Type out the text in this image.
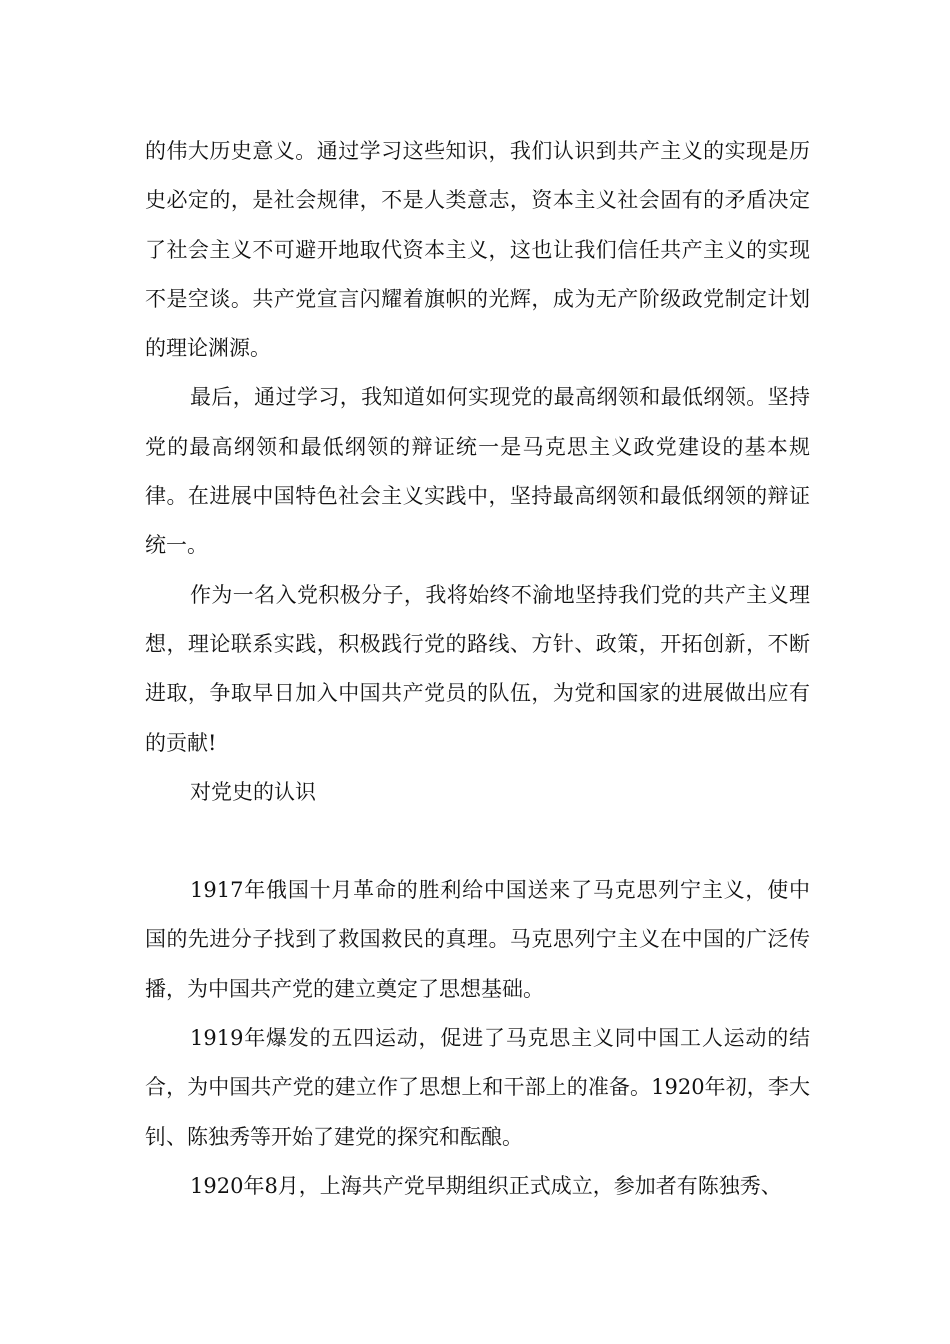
的伟大历史意义。通过学习这些知识，我们认识到共产主义的实现是历史必定的，是社会规律，不是人类意志，资本主义社会固有的矛盾决定了社会主义不可避开地取代资本主义，这也让我们信任共产主义的实现不是空谈。共产党宣言闪耀着旗帜的光辉，成为无产阶级政党制定计划的理论渊源。

最后，通过学习，我知道如何实现党的最高纲领和最低纲领。坚持党的最高纲领和最低纲领的辩证统一是马克思主义政党建设的基本规律。在进展中国特色社会主义实践中，坚持最高纲领和最低纲领的辩证统一。

作为一名入党积极分子，我将始终不渝地坚持我们党的共产主义理想，理论联系实践，积极践行党的路线、方针、政策，开拓创新，不断进取，争取早日加入中国共产党员的队伍，为党和国家的进展做出应有的贡献!

对党史的认识

1917年俄国十月革命的胜利给中国送来了马克思列宁主义，使中国的先进分子找到了救国救民的真理。马克思列宁主义在中国的广泛传播，为中国共产党的建立奠定了思想基础。

1919年爆发的五四运动，促进了马克思主义同中国工人运动的结合，为中国共产党的建立作了思想上和干部上的准备。1920年初，李大钊、陈独秀等开始了建党的探究和酝酿。

1920年8月，上海共产党早期组织正式成立，参加者有陈独秀、
